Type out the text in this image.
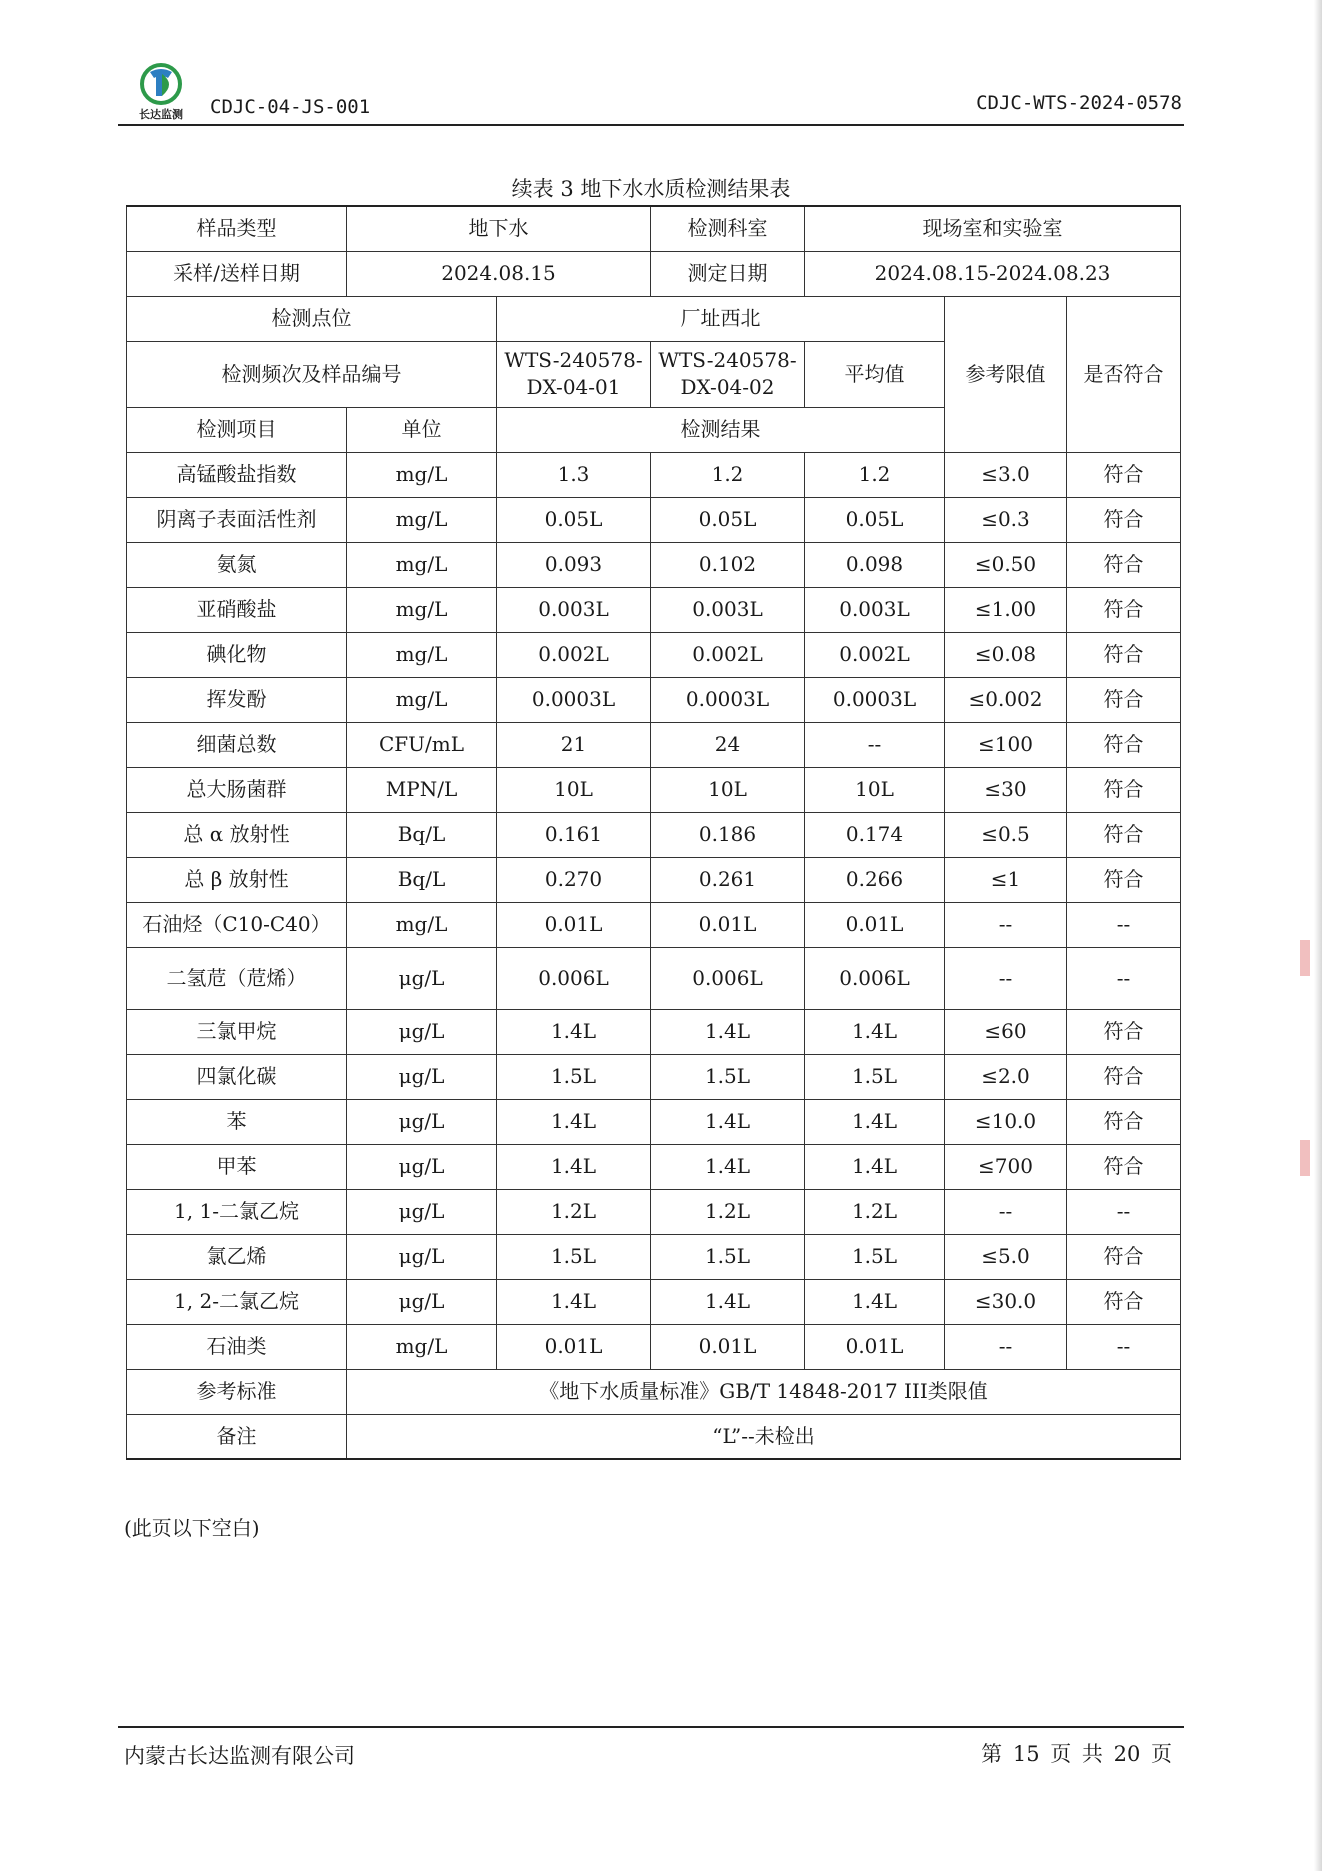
长达监测	CDJC-04-JS-001	CDJC-WTS-2024-0578
续表 3 地下水水质检测结果表
样品类型	地下水		检测科室	现场室和实验室		
采样/送样日期	2024.08.15		测定日期	2024.08.15-2024.08.23		
检测点位		厂址西北			参考限值	是否符合
检测频次及样品编号		WTS-240578-DX-04-01	WTS-240578-DX-04-02	平均值		
检测项目	单位	检测结果				
高锰酸盐指数	mg/L	1.3	1.2	1.2	≤3.0	符合
阴离子表面活性剂	mg/L	0.05L	0.05L	0.05L	≤0.3	符合
氨氮	mg/L	0.093	0.102	0.098	≤0.50	符合
亚硝酸盐	mg/L	0.003L	0.003L	0.003L	≤1.00	符合
碘化物	mg/L	0.002L	0.002L	0.002L	≤0.08	符合
挥发酚	mg/L	0.0003L	0.0003L	0.0003L	≤0.002	符合
细菌总数	CFU/mL	21	24	--	≤100	符合
总大肠菌群	MPN/L	10L	10L	10L	≤30	符合
总 α 放射性	Bq/L	0.161	0.186	0.174	≤0.5	符合
总 β 放射性	Bq/L	0.270	0.261	0.266	≤1	符合
石油烃（C10-C40）	mg/L	0.01L	0.01L	0.01L	--	--
二氢苊（苊烯）	μg/L	0.006L	0.006L	0.006L	--	--
三氯甲烷	μg/L	1.4L	1.4L	1.4L	≤60	符合
四氯化碳	μg/L	1.5L	1.5L	1.5L	≤2.0	符合
苯	μg/L	1.4L	1.4L	1.4L	≤10.0	符合
甲苯	μg/L	1.4L	1.4L	1.4L	≤700	符合
1, 1-二氯乙烷	μg/L	1.2L	1.2L	1.2L	--	--
氯乙烯	μg/L	1.5L	1.5L	1.5L	≤5.0	符合
1, 2-二氯乙烷	μg/L	1.4L	1.4L	1.4L	≤30.0	符合
石油类	mg/L	0.01L	0.01L	0.01L	--	--
参考标准	《地下水质量标准》GB/T 14848-2017 III类限值					
备注	“L”--未检出					
(此页以下空白)
内蒙古长达监测有限公司	第 15 页 共 20 页
